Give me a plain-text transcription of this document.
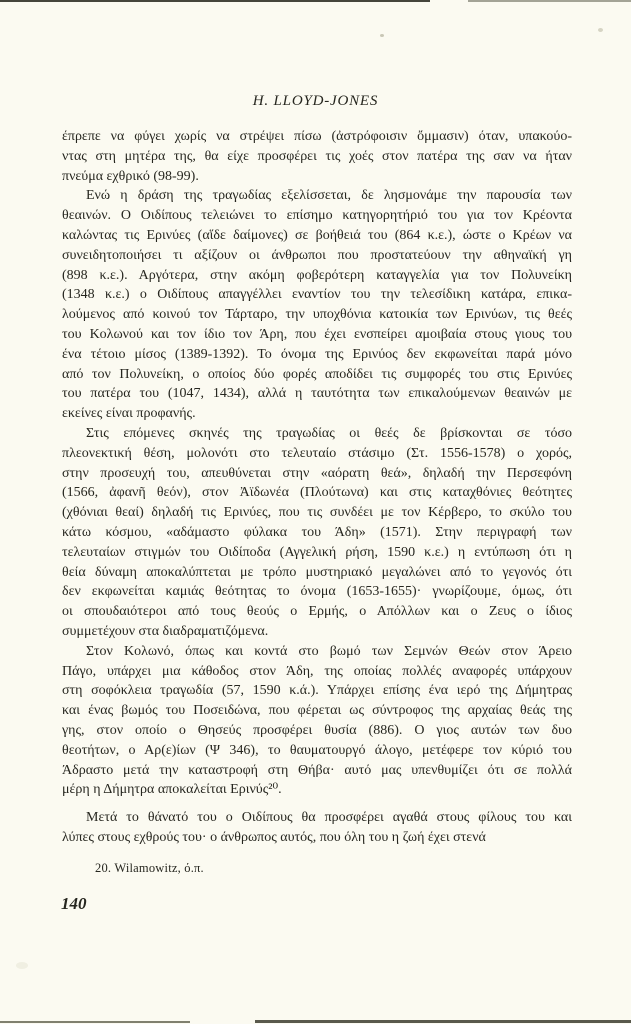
H. LLOYD-JONES
έπρεπε να φύγει χωρίς να στρέψει πίσω (ἀστρόφοισιν ὄμμασιν) όταν, υπακούο-
ντας στη μητέρα της, θα είχε προσφέρει τις χοές στον πατέρα της σαν να ήταν
πνεύμα εχθρικό (98-99).
Ενώ η δράση της τραγωδίας εξελίσσεται, δε λησμονάμε την παρουσία των
θεαινών. Ο Οιδίπους τελειώνει το επίσημο κατηγορητήριό του για τον Κρέοντα
καλώντας τις Ερινύες (αἵδε δαίμονες) σε βοήθειά του (864 κ.ε.), ώστε ο Κρέων να
συνειδητοποιήσει τι αξίζουν οι άνθρωποι που προστατεύουν την αθηναϊκή γη
(898 κ.ε.). Αργότερα, στην ακόμη φοβερότερη καταγγελία για τον Πολυνείκη
(1348 κ.ε.) ο Οιδίπους απαγγέλλει εναντίον του την τελεσίδικη κατάρα, επικα-
λούμενος από κοινού τον Τάρταρο, την υποχθόνια κατοικία των Ερινύων, τις θεές
του Κολωνού και τον ίδιο τον Άρη, που έχει ενσπείρει αμοιβαία στους γιους του
ένα τέτοιο μίσος (1389-1392). Το όνομα της Ερινύος δεν εκφωνείται παρά μόνο
από τον Πολυνείκη, ο οποίος δύο φορές αποδίδει τις συμφορές του στις Ερινύες
του πατέρα του (1047, 1434), αλλά η ταυτότητα των επικαλούμενων θεαινών με
εκείνες είναι προφανής.
Στις επόμενες σκηνές της τραγωδίας οι θεές δε βρίσκονται σε τόσο
πλεονεκτική θέση, μολονότι στο τελευταίο στάσιμο (Στ. 1556-1578) ο χορός,
στην προσευχή του, απευθύνεται στην «αόρατη θεά», δηλαδή την Περσεφόνη
(1566, ἀφανῆ θεόν), στον Ἀϊδωνέα (Πλούτωνα) και στις καταχθόνιες θεότητες
(χθόνιαι θεαί) δηλαδή τις Ερινύες, που τις συνδέει με τον Κέρβερο, το σκύλο του
κάτω κόσμου, «αδάμαστο φύλακα του Άδη» (1571). Στην περιγραφή των
τελευταίων στιγμών του Οιδίποδα (Αγγελική ρήση, 1590 κ.ε.) η εντύπωση ότι η
θεία δύναμη αποκαλύπτεται με τρόπο μυστηριακό μεγαλώνει από το γεγονός ότι
δεν εκφωνείται καμιάς θεότητας το όνομα (1653-1655)· γνωρίζουμε, όμως, ότι
οι σπουδαιότεροι από τους θεούς ο Ερμής, ο Απόλλων και ο Ζευς ο ίδιος
συμμετέχουν στα διαδραματιζόμενα.
Στον Κολωνό, όπως και κοντά στο βωμό των Σεμνών Θεών στον Άρειο
Πάγο, υπάρχει μια κάθοδος στον Άδη, της οποίας πολλές αναφορές υπάρχουν
στη σοφόκλεια τραγωδία (57, 1590 κ.ά.). Υπάρχει επίσης ένα ιερό της Δήμητρας
και ένας βωμός του Ποσειδώνα, που φέρεται ως σύντροφος της αρχαίας θεάς της
γης, στον οποίο ο Θησεύς προσφέρει θυσία (886). Ο γιος αυτών των δυο
θεοτήτων, ο Αρ(ε)ίων (Ψ 346), το θαυματουργό άλογο, μετέφερε τον κύριό του
Άδραστο μετά την καταστροφή στη Θήβα· αυτό μας υπενθυμίζει ότι σε πολλά
μέρη η Δήμητρα αποκαλείται Ερινύς²⁰.
Μετά το θάνατό του ο Οιδίπους θα προσφέρει αγαθά στους φίλους του και
λύπες στους εχθρούς του· ο άνθρωπος αυτός, που όλη του η ζωή έχει στενά
20. Wilamowitz, ό.π.
140
